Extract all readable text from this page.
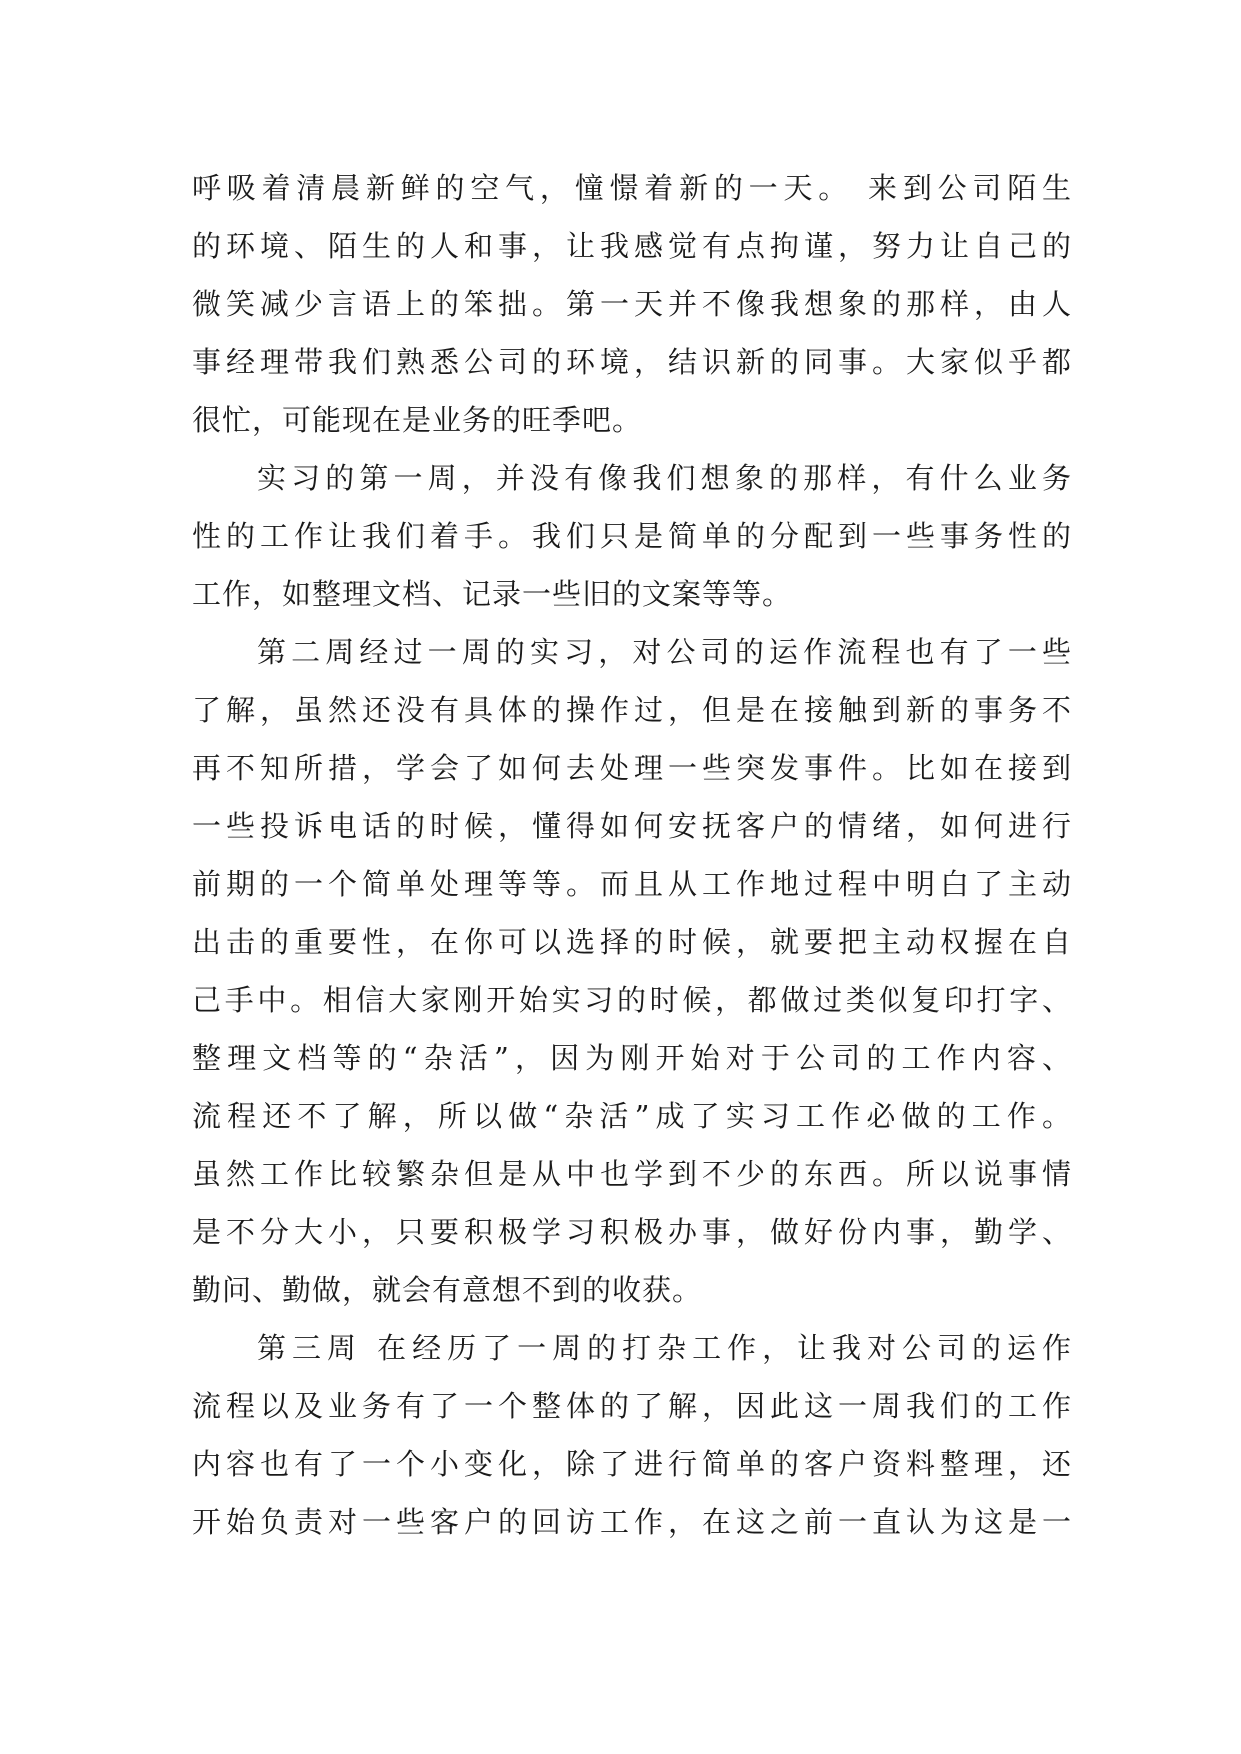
呼吸着清晨新鲜的空气，憧憬着新的一天。 来到公司陌生
的环境、陌生的人和事，让我感觉有点拘谨，努力让自己的
微笑减少言语上的笨拙。第一天并不像我想象的那样，由人
事经理带我们熟悉公司的环境，结识新的同事。大家似乎都
很忙，可能现在是业务的旺季吧。
实习的第一周，并没有像我们想象的那样，有什么业务
性的工作让我们着手。我们只是简单的分配到一些事务性的
工作，如整理文档、记录一些旧的文案等等。
第二周经过一周的实习，对公司的运作流程也有了一些
了解，虽然还没有具体的操作过，但是在接触到新的事务不
再不知所措，学会了如何去处理一些突发事件。比如在接到
一些投诉电话的时候，懂得如何安抚客户的情绪，如何进行
前期的一个简单处理等等。而且从工作地过程中明白了主动
出击的重要性，在你可以选择的时候，就要把主动权握在自
己手中。相信大家刚开始实习的时候，都做过类似复印打字、
整理文档等的“杂活”，因为刚开始对于公司的工作内容、
流程还不了解，所以做“杂活”成了实习工作必做的工作。
虽然工作比较繁杂但是从中也学到不少的东西。所以说事情
是不分大小，只要积极学习积极办事，做好份内事，勤学、
勤问、勤做，就会有意想不到的收获。
第三周 在经历了一周的打杂工作，让我对公司的运作
流程以及业务有了一个整体的了解，因此这一周我们的工作
内容也有了一个小变化，除了进行简单的客户资料整理，还
开始负责对一些客户的回访工作，在这之前一直认为这是一
